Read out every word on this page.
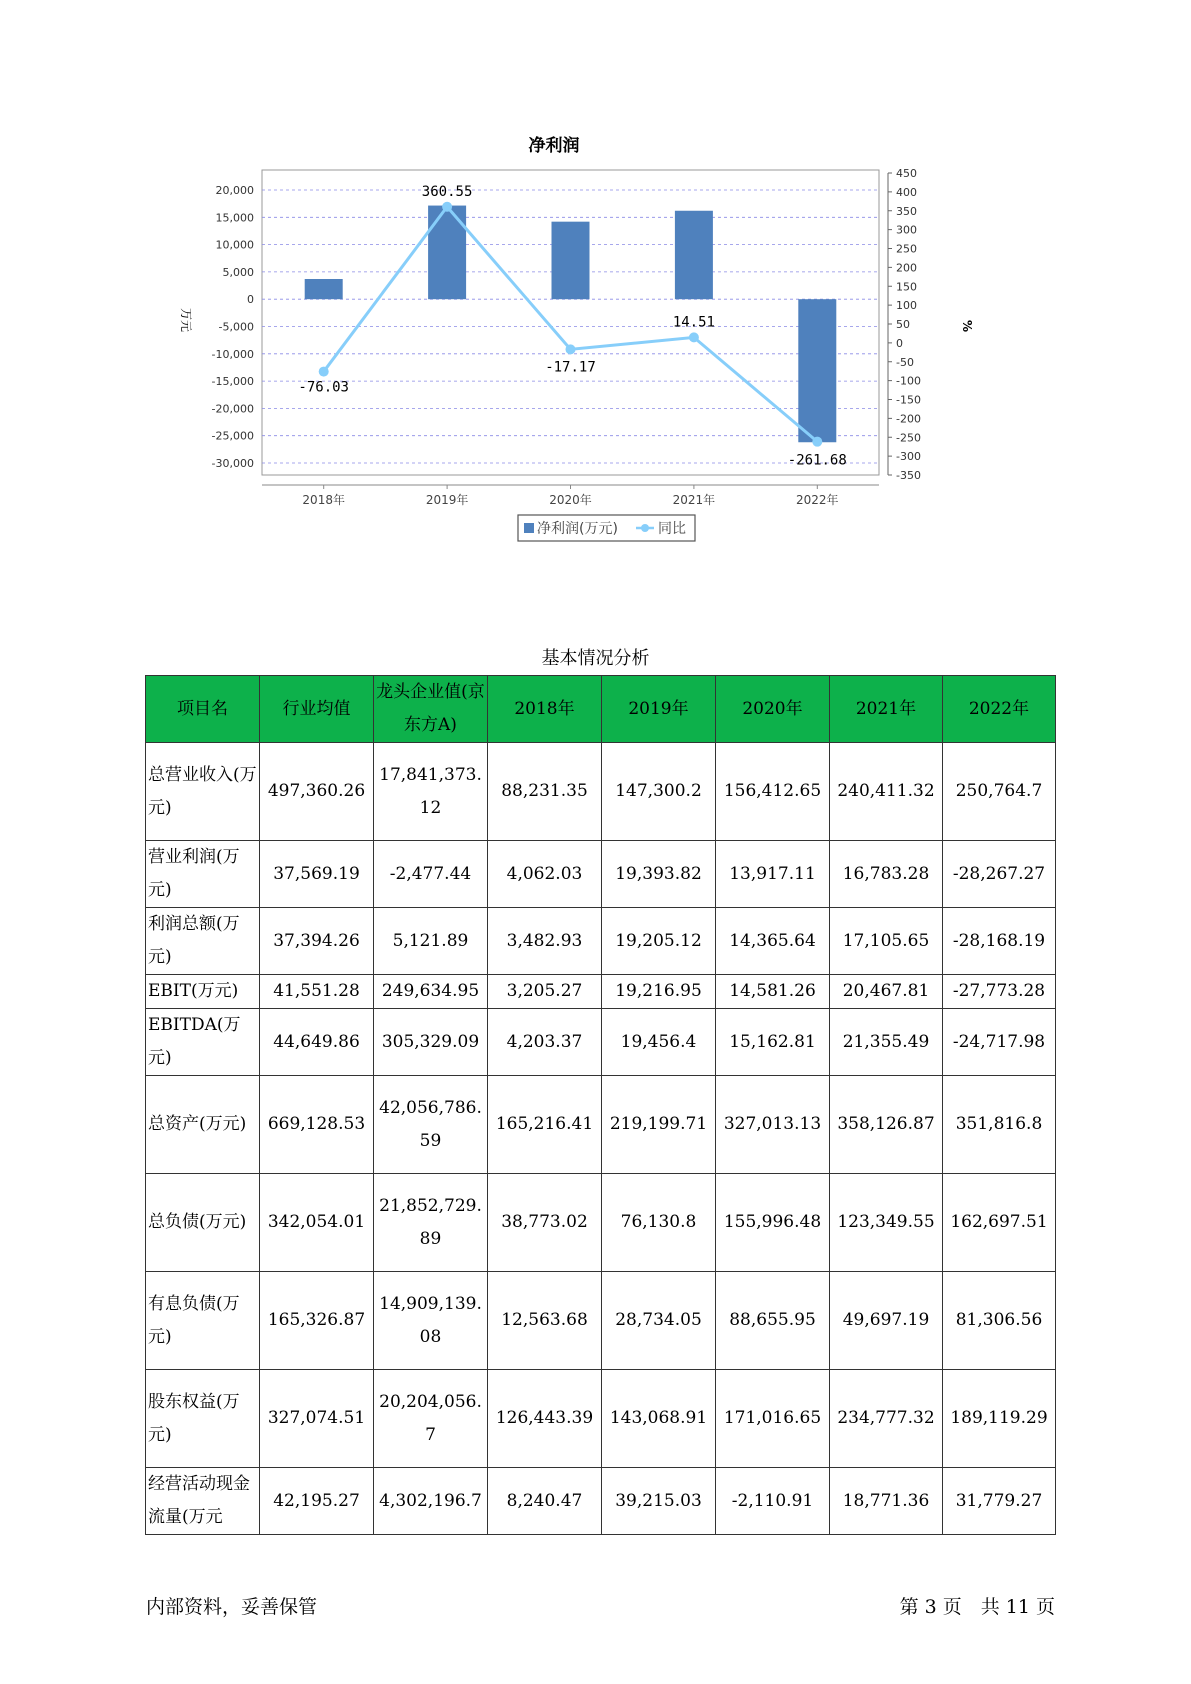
净利润
20,000
15,000
10,000
5,000
0
-5,000
-10,000
-15,000
-20,000
-25,000
-30,000
万元
450
400
350
300
250
200
150
100
50
0
-50
-100
-150
-200
-250
-300
-350
%
2018年	2019年	2020年	2021年	2022年
-76.03
360.55
-17.17
14.51
-261.68
净利润(万元)	同比
基本情况分析
项目名	行业均值	龙头企业值(京东方A)	2018年	2019年	2020年	2021年	2022年
总营业收入(万元)	497,360.26	17,841,373.12	88,231.35	147,300.2	156,412.65	240,411.32	250,764.7
营业利润(万元)	37,569.19	-2,477.44	4,062.03	19,393.82	13,917.11	16,783.28	-28,267.27
利润总额(万元)	37,394.26	5,121.89	3,482.93	19,205.12	14,365.64	17,105.65	-28,168.19
EBIT(万元)	41,551.28	249,634.95	3,205.27	19,216.95	14,581.26	20,467.81	-27,773.28
EBITDA(万元)	44,649.86	305,329.09	4,203.37	19,456.4	15,162.81	21,355.49	-24,717.98
总资产(万元)	669,128.53	42,056,786.59	165,216.41	219,199.71	327,013.13	358,126.87	351,816.8
总负债(万元)	342,054.01	21,852,729.89	38,773.02	76,130.8	155,996.48	123,349.55	162,697.51
有息负债(万元)	165,326.87	14,909,139.08	12,563.68	28,734.05	88,655.95	49,697.19	81,306.56
股东权益(万元)	327,074.51	20,204,056.7	126,443.39	143,068.91	171,016.65	234,777.32	189,119.29
经营活动现金流量(万元	42,195.27	4,302,196.7	8,240.47	39,215.03	-2,110.91	18,771.36	31,779.27
内部资料，妥善保管	第 3 页　共 11 页
